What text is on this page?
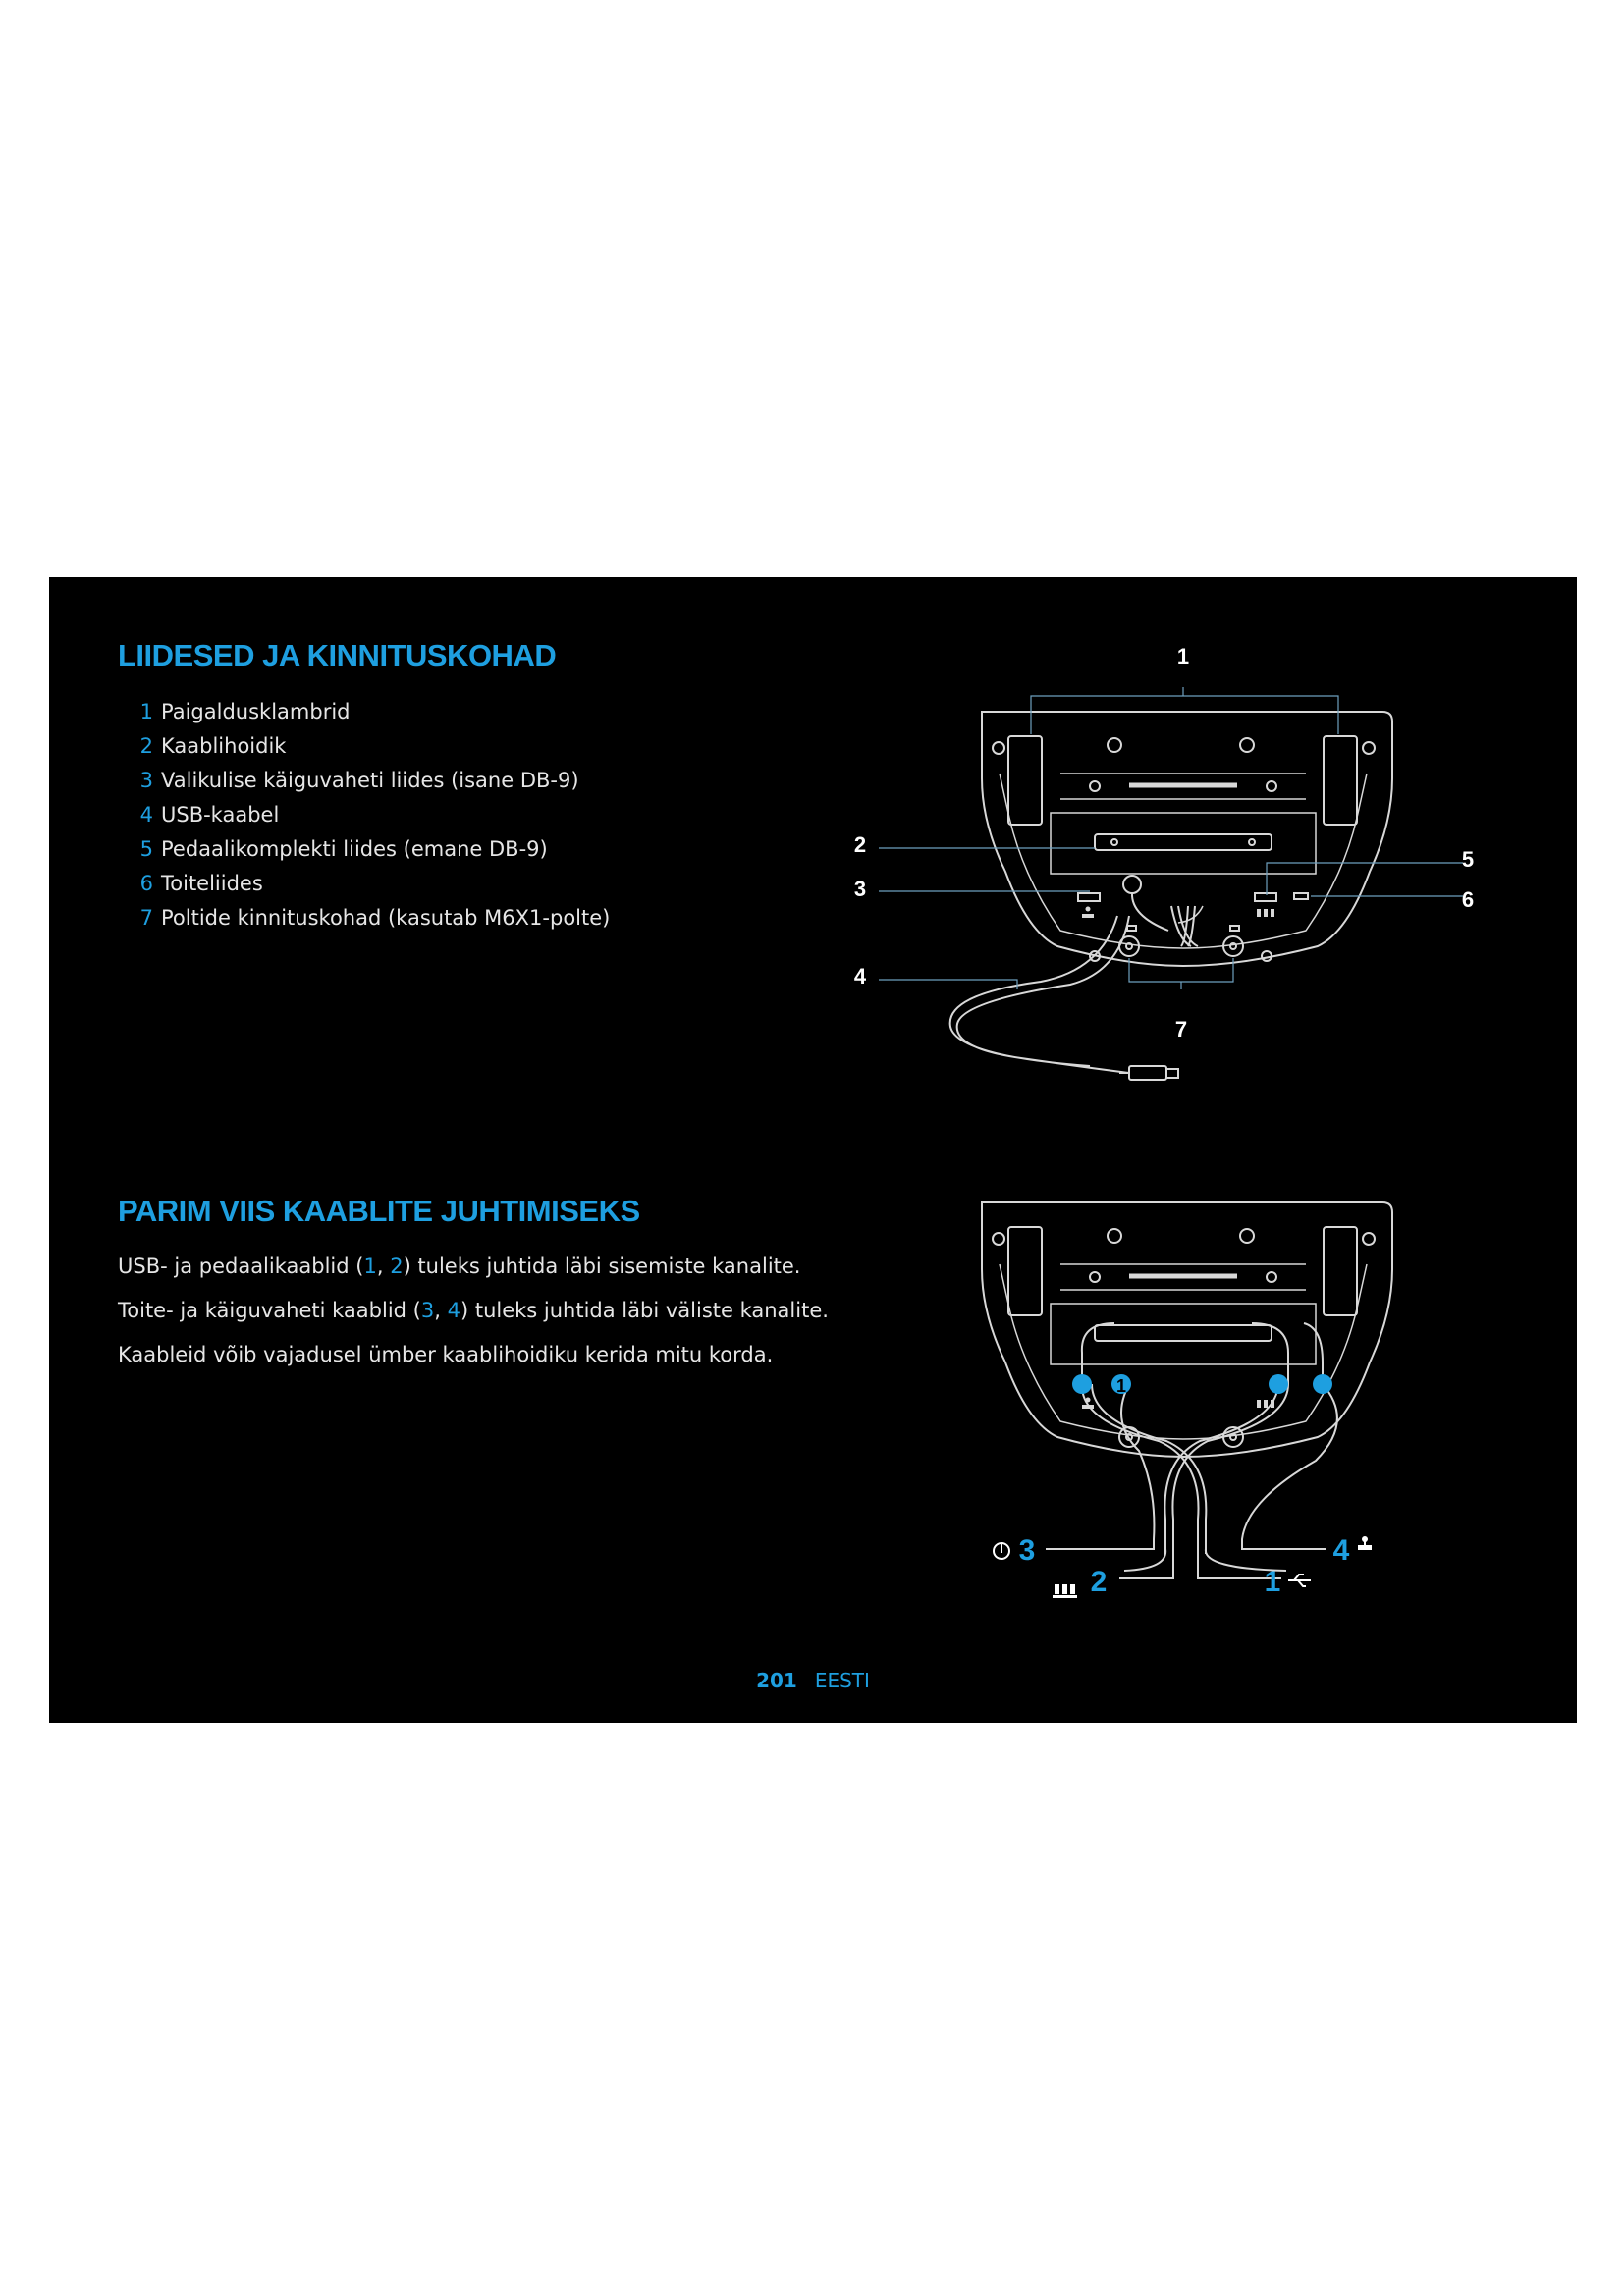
LIIDESED JA KINNITUSKOHAD
1 Paigaldusklambrid
2 Kaablihoidik
3 Valikulise käiguvaheti liides (isane DB-9)
4 USB-kaabel
5 Pedaalikomplekti liides (emane DB-9)
6 Toiteliides
7 Poltide kinnituskohad (kasutab M6X1-polte)
PARIM VIIS KAABLITE JUHTIMISEKS

USB- ja pedaalikaablid (1, 2) tuleks juhtida läbi sisemiste kanalite.

Toite- ja käiguvaheti kaablid (3, 4) tuleks juhtida läbi väliste kanalite.

Kaableid võib vajadusel ümber kaablihoidiku kerida mitu korda.

1
2
3
4
5
6
7
1
3	4
2	1
201 EESTI
